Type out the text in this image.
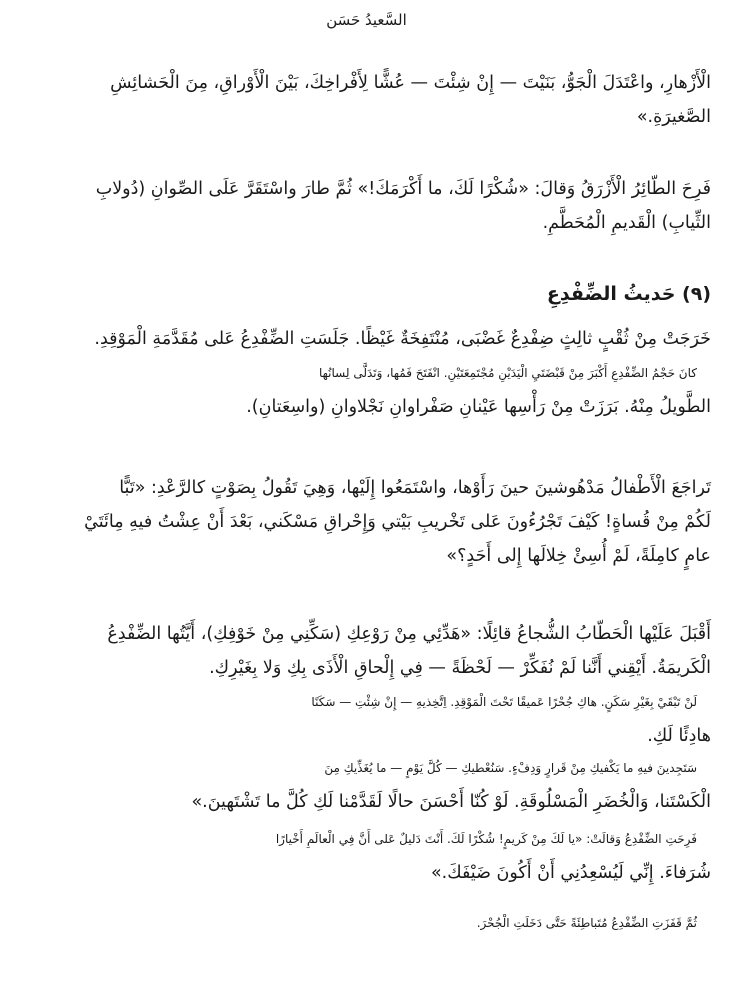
السَّعيدُ حَسَن

الْأَزْهارِ، واعْتَدَلَ الْجَوُّ، بَنَيْتَ — إِنْ شِئْتَ — عُشًّا لِأَفْراخِكَ، بَيْنَ الْأَوْراقِ، مِنَ الْحَشائِشِ
الصَّغيرَةِ.»

فَرِحَ الطّائِرُ الْأَزْرَقُ وَقالَ: «شُكْرًا لَكَ، ما أَكْرَمَكَ!» ثُمَّ طارَ واسْتَقَرَّ عَلَى الصِّوانِ (دُولابِ
الثِّيابِ) الْقَديمِ الْمُحَطَّمِ.

(٩) حَديثُ الضِّفْدِعِ

خَرَجَتْ مِنْ ثُقْبٍ ثالِثٍ ضِفْدِعٌ غَضْبَى، مُنْتَفِخَةٌ غَيْظًا. جَلَسَتِ الضِّفْدِعُ عَلى مُقَدَّمَةِ الْمَوْقِدِ.
كانَ حَجْمُ الضِّفْدِعِ أَكْبَرَ مِنْ قَبْضَتَيِ الْيَدَيْنِ مُجْتَمِعَتَيْنِ. انْفَتَحَ فَمُها، وَتَدَلَّى لِسانُها
الطَّويلُ مِنْهُ. بَرَزَتْ مِنْ رَأْسِها عَيْنانِ صَفْراوانِ نَجْلاوانِ (واسِعَتانِ).

تَراجَعَ الْأَطْفالُ مَدْهُوشينَ حينَ رَأَوْها، واسْتَمَعُوا إِلَيْها، وَهِيَ تَقُولُ بِصَوْتٍ كالرَّعْدِ: «تَبًّا
لَكُمْ مِنْ قُساةٍ! كَيْفَ تَجْرُءُونَ عَلى تَخْريبِ بَيْتي وَإِحْراقِ مَسْكَني، بَعْدَ أَنْ عِشْتُ فيهِ مِائَتَيْ
عامٍ كامِلَةً، لَمْ أُسِئْ خِلالَها إِلى أَحَدٍ؟»

أَقْبَلَ عَلَيْها الْحَطّابُ الشُّجاعُ قائِلًا: «هَدِّئِي مِنْ رَوْعِكِ (سَكِّنِي مِنْ خَوْفِكِ)، أَيَّتُها الضِّفْدِعُ
الْكَريمَةُ. أَيْقِني أَنَّنا لَمْ نُفَكِّرْ — لَحْظَةً — فِي إِلْحاقِ الْأَذَى بِكِ وَلا بِغَيْرِكِ.
لَنْ تَبْقَيْ بِغَيْرِ سَكَنٍ. هاكِ جُحْرًا عَميقًا تَحْتَ الْمَوْقِدِ. اِتَّخِذيهِ — إِنْ شِئْتِ — سَكَنًا
هادِئًا لَكِ.

سَتَجِدينَ فيهِ ما يَكْفيكِ مِنْ قَرارٍ وَدِفْءٍ. سَنُعْطيكِ — كُلَّ يَوْمٍ — ما يُغَذِّيكِ مِنَ
الْكَسْتَنا، وَالْخُضَرِ الْمَسْلُوقَةِ. لَوْ كُنّا أَحْسَنَ حالًا لَقَدَّمْنا لَكِ كُلَّ ما تَشْتَهينَ.»

فَرِحَتِ الضِّفْدِعُ وَقالَتْ: «يا لَكَ مِنْ كَريمٍ! شُكْرًا لَكَ. أَنْتَ دَليلٌ عَلى أَنَّ فِي الْعالَمِ أَخْيارًا
شُرَفاءَ. إِنِّي لَيُسْعِدُنِي أَنْ أَكُونَ ضَيْفَكَ.»

ثُمَّ قَفَزَتِ الضِّفْدِعُ مُتَباطِئَةً حَتَّى دَخَلَتِ الْجُحْرَ.
